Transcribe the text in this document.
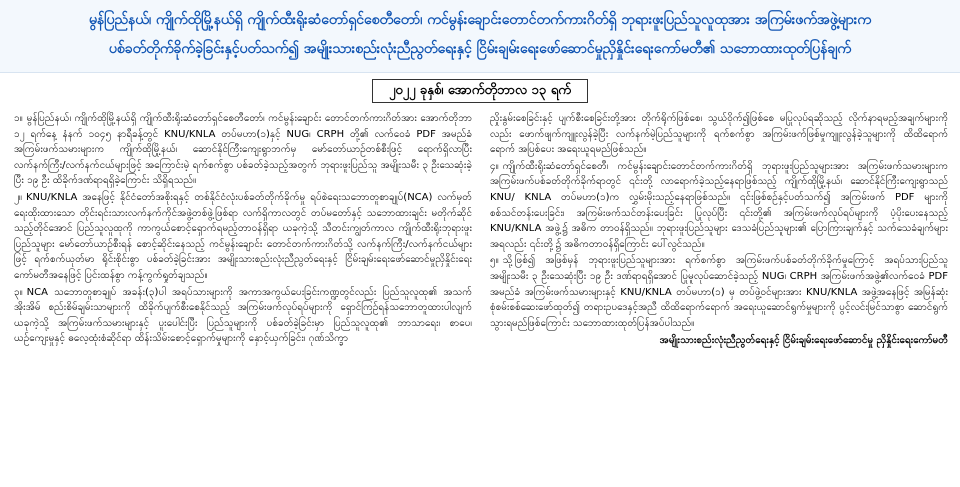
မွန်ပြည်နယ်၊ ကျိုက်ထိုမြို့နယ်ရှိ ကျိုက်ထီးရိုးဆံတော်ရှင်စေတီတော်၊ ကင်မွန်းချောင်းတောင်တက်ကားဂိတ်ရှိ ဘုရားဖူးပြည်သူလူထုအား အကြမ်းဖက်အဖွဲ့များက
ပစ်ခတ်တိုက်ခိုက်ခဲ့ခြင်းနှင့်ပတ်သက်၍ အမျိုးသားစည်းလုံးညီညွတ်ရေးနှင့် ငြိမ်းချမ်းရေးဖော်ဆောင်မှုညှိနှိုင်းရေးကော်မတီ၏ သဘောထားထုတ်ပြန်ချက်
၂၀၂၂ ခုနှစ်၊ အောက်တိုဘာလ ၁၃ ရက်

၁။ မွန်ပြည်နယ်၊ ကျိုက်ထိုမြို့နယ်ရှိ ကျိုက်ထီးရိုးဆံတော်ရှင်စေတီတော်၊ ကင်မွန်းချောင်း တောင်တက်ကားဂိတ်အား အောက်တိုဘာ ၁၂ ရက်နေ့ နံနက် ၁၀၄၅ နာရီခန့်တွင် KNU/KNLA တပ်မဟာ(၁)နှင့် NUG၊ CRPH တို့၏ လက်ဝေခံ PDF အမည်ခံ အကြမ်းဖက်သမားများက ကျိုက်ထိုမြို့နယ်၊ ဆောင်နိုင်ကြီးကျေးရွာဘက်မှ မော်တော်ယာဉ်တစ်စီးဖြင့် ရောက်ရှိလာပြီး လက်နက်ကြီး/လက်နက်ငယ်များဖြင့် အကြောင်းမဲ့ ရက်စက်စွာ ပစ်ခတ်ခဲ့သည့်အတွက် ဘုရားဖူးပြည်သူ အမျိုးသမီး ၃ ဦးသေဆုံးခဲ့ပြီး ၁၉ ဦး ထိခိုက်ဒဏ်ရာရရှိခဲ့ကြောင်း သိရှိရသည်။

၂။ KNU/KNLA အနေဖြင့် နိုင်ငံတော်အစိုးရနှင့် တစ်နိုင်ငံလုံးပစ်ခတ်တိုက်ခိုက်မှု ရပ်စဲရေးသဘောတူစာချုပ်(NCA) လက်မှတ်ရေးထိုးထားသော တိုင်းရင်းသားလက်နက်ကိုင်အဖွဲ့တစ်ဖွဲ့ဖြစ်ရာ လက်ရှိကာလတွင် တပ်မတော်နှင့် သဘောထားချင်း မတိုက်ဆိုင်သည့်တိုင်အောင် ပြည်သူလူထုကို ကာကွယ်စောင့်ရှောက်ရမည့်တာဝန်ရှိရာ ယခုကဲ့သို့ သီတင်းကျွတ်ကာလ ကျိုက်ထီးရိုးဘုရားဖူး ပြည်သူများ မော်တော်ယာဉ်စီးရန် စောင့်ဆိုင်းနေသည့် ကင်မွန်းချောင်း တောင်တက်ကားဂိတ်သို့ လက်နက်ကြီး/လက်နက်ငယ်များဖြင့် ရက်စက်ယုတ်မာ ရိုင်းစိုင်းစွာ ပစ်ခတ်ခဲ့ခြင်းအား အမျိုးသားစည်းလုံးညီညွတ်ရေးနှင့် ငြိမ်းချမ်းရေးဖော်ဆောင်မှုညှိနှိုင်းရေးကော်မတီအနေဖြင့် ပြင်းထန်စွာ ကန့်ကွက်ရှုတ်ချသည်။

၃။ NCA သဘောတူစာချုပ် အခန်း(၃)ပါ အရပ်သားများကို အကာအကွယ်ပေးခြင်းကဏ္ဍတွင်လည်း ပြည်သူလူထု၏ အသက်အိုးအိမ် စည်းစိမ်ချမ်းသာများကို ထိခိုက်ပျက်စီးစေနိုင်သည့် အကြမ်းဖက်လုပ်ရပ်များကို ရှောင်ကြဉ်ရန်သဘောတူထားပါလျက် ယခုကဲ့သို့ အကြမ်းဖက်သမားများနှင့် ပူးပေါင်းပြီး ပြည်သူများကို ပစ်ခတ်ခဲ့ခြင်းမှာ ပြည်သူလူထု၏ ဘာသာရေး၊ စာပေ၊ ယဉ်ကျေးမှုနှင့် ဓလေ့ထုံးစံဆိုင်ရာ ထိန်းသိမ်းစောင့်ရှောက်မှုများကို နှောင့်ယှက်ခြင်း၊ ဂုဏ်သိက္ခာ

ညှိုးနွမ်းစေခြင်းနှင့် ပျက်စီးစေခြင်းတို့အား တိုက်ရိုက်ဖြစ်စေ၊ သွယ်ဝိုက်၍ဖြစ်စေ မပြုလုပ်ရဆိုသည့် လိုက်နာရမည့်အချက်များကိုလည်း ဖောက်ဖျက်ကျူးလွန်ခဲ့ပြီး လက်နက်မဲ့ပြည်သူများကို ရက်စက်စွာ အကြမ်းဖက်ဖြစ်မှုကျူးလွန်ခဲ့သူများကို ထိထိရောက်ရောက် အပြစ်ပေး အရေးယူရမည်ဖြစ်သည်။

၄။ ကျိုက်ထီးရိုးဆံတော်ရှင်စေတီ၊ ကင်မွန်းချောင်းတောင်တက်ကားဂိတ်ရှိ ဘုရားဖူးပြည်သူများအား အကြမ်းဖက်သမားများက အကြမ်းဖက်ပစ်ခတ်တိုက်ခိုက်ရာတွင် ၎င်းတို့ လာရောက်ခဲ့သည့်နေရာဖြစ်သည့် ကျိုက်ထိုမြို့နယ်၊ ဆောင်နိုင်ကြီးကျေးရွာသည် KNU/ KNLA တပ်မဟာ(၁)က လွှမ်းမိုးသည့်နေရာဖြစ်သည်။ ၎င်းဖြစ်စဉ်နှင့်ပတ်သက်၍ အကြမ်းဖက် PDF များကို စစ်သင်တန်းပေးခြင်း၊ အကြမ်းဖက်သင်တန်းပေးခြင်း ပြုလုပ်ပြီး ၎င်းတို့၏ အကြမ်းဖက်လုပ်ရပ်များကို ပံ့ပိုးပေးနေသည့် KNU/KNLA အဖွဲ့၌ အဓိက တာဝန်ရှိသည်။ ဘုရားဖူးပြည်သူများ ဒေသခံပြည်သူများ၏ ပြောကြားချက်နှင့် သက်သေခံချက်များအရလည်း ၎င်းတို့၌ အဓိကတာဝန်ရှိကြောင်း ပေါ်လွင်သည်။

၅။ သို့ဖြစ်၍ အဖြစ်မှန် ဘုရားဖူးပြည်သူများအား ရက်စက်စွာ အကြမ်းဖက်ပစ်ခတ်တိုက်ခိုက်မှုကြောင့် အရပ်သားပြည်သူ အမျိုးသမီး ၃ ဦးသေဆုံးပြီး ၁၉ ဦး ဒဏ်ရာရရှိအောင် ပြုမူလုပ်ဆောင်ခဲ့သည့် NUG၊ CRPH အကြမ်းဖက်အဖွဲ့၏လက်ဝေခံ PDF အမည်ခံ အကြမ်းဖက်သမားများနှင့် KNU/KNLA တပ်မဟာ(၁) မှ တပ်ဖွဲ့ဝင်များအား KNU/KNLA အဖွဲ့အနေဖြင့် အမြန်ဆုံး စုံစမ်းစစ်ဆေးဖော်ထုတ်၍ တရားဥပဒေနှင့်အညီ ထိထိရောက်ရောက် အရေးယူဆောင်ရွက်မှုများကို ပွင့်လင်းမြင်သာစွာ ဆောင်ရွက်သွားရမည်ဖြစ်ကြောင်း သဘောထားထုတ်ပြန်အပ်ပါသည်။

အမျိုးသားစည်းလုံးညီညွတ်ရေးနှင့် ငြိမ်းချမ်းရေးဖော်ဆောင်မှု ညှိနှိုင်းရေးကော်မတီ
